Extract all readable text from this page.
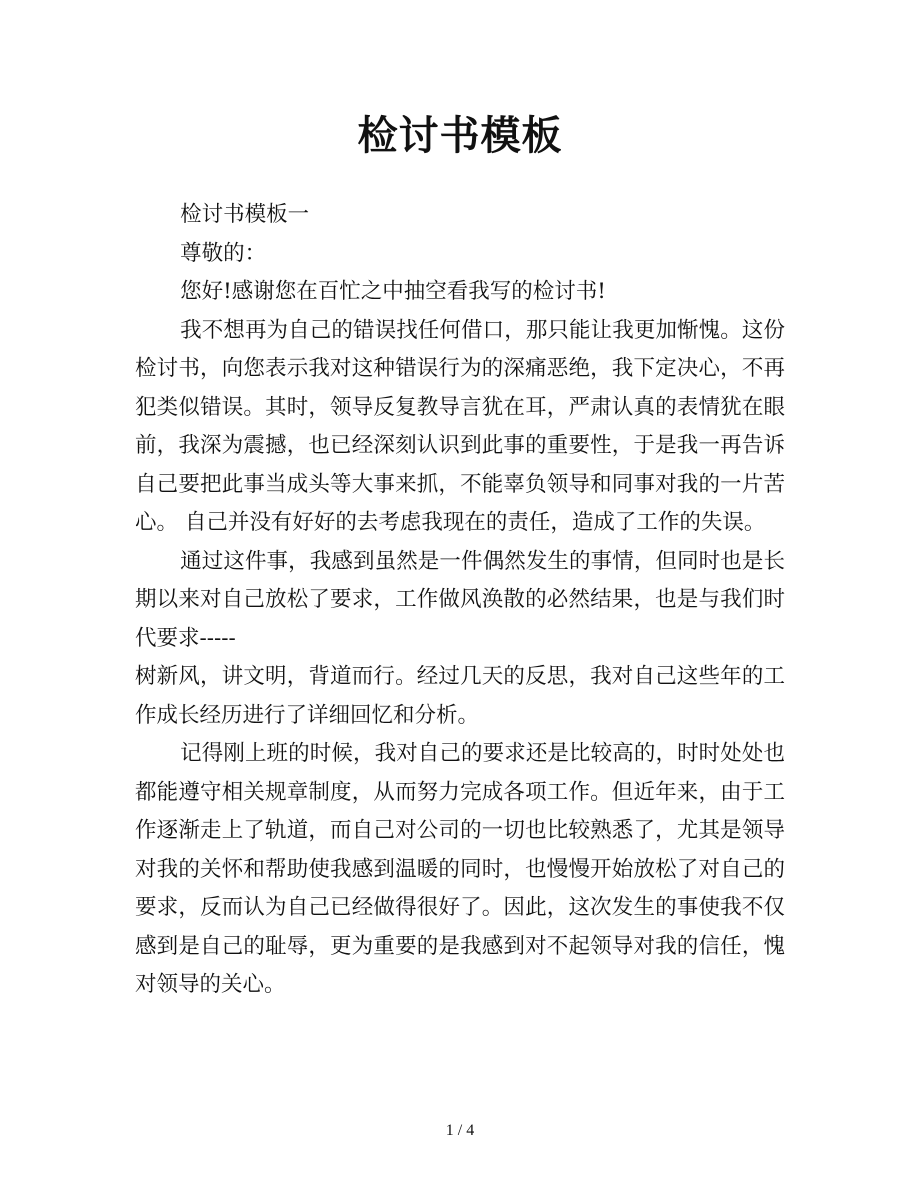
检讨书模板

检讨书模板一

尊敬的：

您好!感谢您在百忙之中抽空看我写的检讨书!

我不想再为自己的错误找任何借口，那只能让我更加惭愧。这份检讨书，向您表示我对这种错误行为的深痛恶绝，我下定决心，不再犯类似错误。其时，领导反复教导言犹在耳，严肃认真的表情犹在眼前，我深为震撼，也已经深刻认识到此事的重要性，于是我一再告诉自己要把此事当成头等大事来抓，不能辜负领导和同事对我的一片苦心。 自己并没有好好的去考虑我现在的责任，造成了工作的失误。

通过这件事，我感到虽然是一件偶然发生的事情，但同时也是长期以来对自己放松了要求，工作做风涣散的必然结果，也是与我们时代要求-----

树新风，讲文明，背道而行。经过几天的反思，我对自己这些年的工作成长经历进行了详细回忆和分析。

记得刚上班的时候，我对自己的要求还是比较高的，时时处处也都能遵守相关规章制度，从而努力完成各项工作。但近年来，由于工作逐渐走上了轨道，而自己对公司的一切也比较熟悉了，尤其是领导对我的关怀和帮助使我感到温暖的同时，也慢慢开始放松了对自己的要求，反而认为自己已经做得很好了。因此，这次发生的事使我不仅感到是自己的耻辱，更为重要的是我感到对不起领导对我的信任，愧对领导的关心。

1 / 4
